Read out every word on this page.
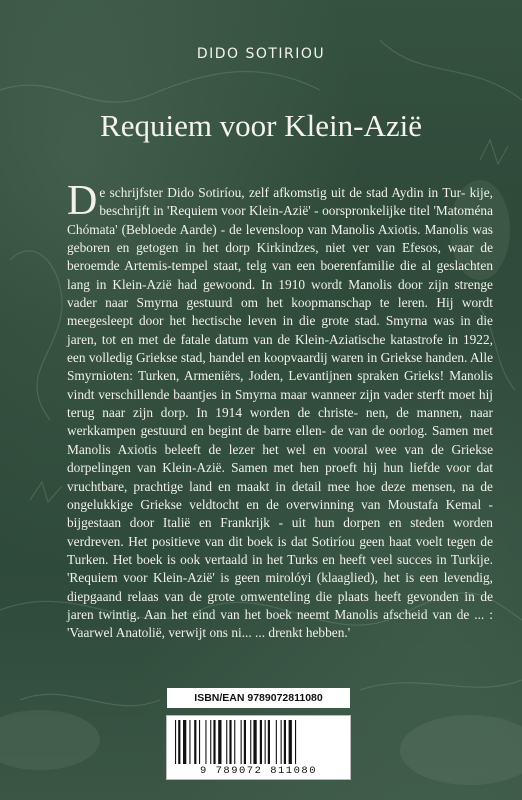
DIDO SOTIRIOU
Requiem voor Klein-Azië

De schrijfster Dido Sotiríou, zelf afkomstig uit de stad Aydin in Tur- kije, beschrijft in 'Requiem voor Klein-Azië' - oorspronkelijke titel 'Matoména Chómata' (Bebloede Aarde) - de levensloop van Manolis Axiotis. Manolis was geboren en getogen in het dorp Kirkindzes, niet ver van Efesos, waar de beroemde Artemis-tempel staat, telg van een boerenfamilie die al geslachten lang in Klein-Azië had gewoond. In 1910 wordt Manolis door zijn strenge vader naar Smyrna gestuurd om het koopmanschap te leren. Hij wordt meegesleept door het hectische leven in die grote stad. Smyrna was in die jaren, tot en met de fatale datum van de Klein-Aziatische katastrofe in 1922, een volledig Griekse stad, handel en koopvaardij waren in Griekse handen. Alle Smyrnioten: Turken, Armeniërs, Joden, Levantijnen spraken Grieks! Manolis vindt verschillende baantjes in Smyrna maar wanneer zijn vader sterft moet hij terug naar zijn dorp. In 1914 worden de christe- nen, de mannen, naar werkkampen gestuurd en begint de barre ellen- de van de oorlog. Samen met Manolis Axiotis beleeft de lezer het wel en vooral wee van de Griekse dorpelingen van Klein-Azië. Samen met hen proeft hij hun liefde voor dat vruchtbare, prachtige land en maakt in detail mee hoe deze mensen, na de ongelukkige Griekse veldtocht en de overwinning van Moustafa Kemal - bijgestaan door Italië en Frankrijk - uit hun dorpen en steden worden verdreven. Het positieve van dit boek is dat Sotiríou geen haat voelt tegen de Turken. Het boek is ook vertaald in het Turks en heeft veel succes in Turkije. 'Requiem voor Klein-Azië' is geen mirolóyi (klaaglied), het is een levendig, diepgaand relaas van de grote omwenteling die plaats heeft gevonden in de jaren twintig. Aan het eind van het boek neemt Manolis afscheid van de ... : 'Vaarwel Anatolië, verwijt ons ni... ... drenkt hebben.'

ISBN/EAN 9789072811080
9 789072 811080
